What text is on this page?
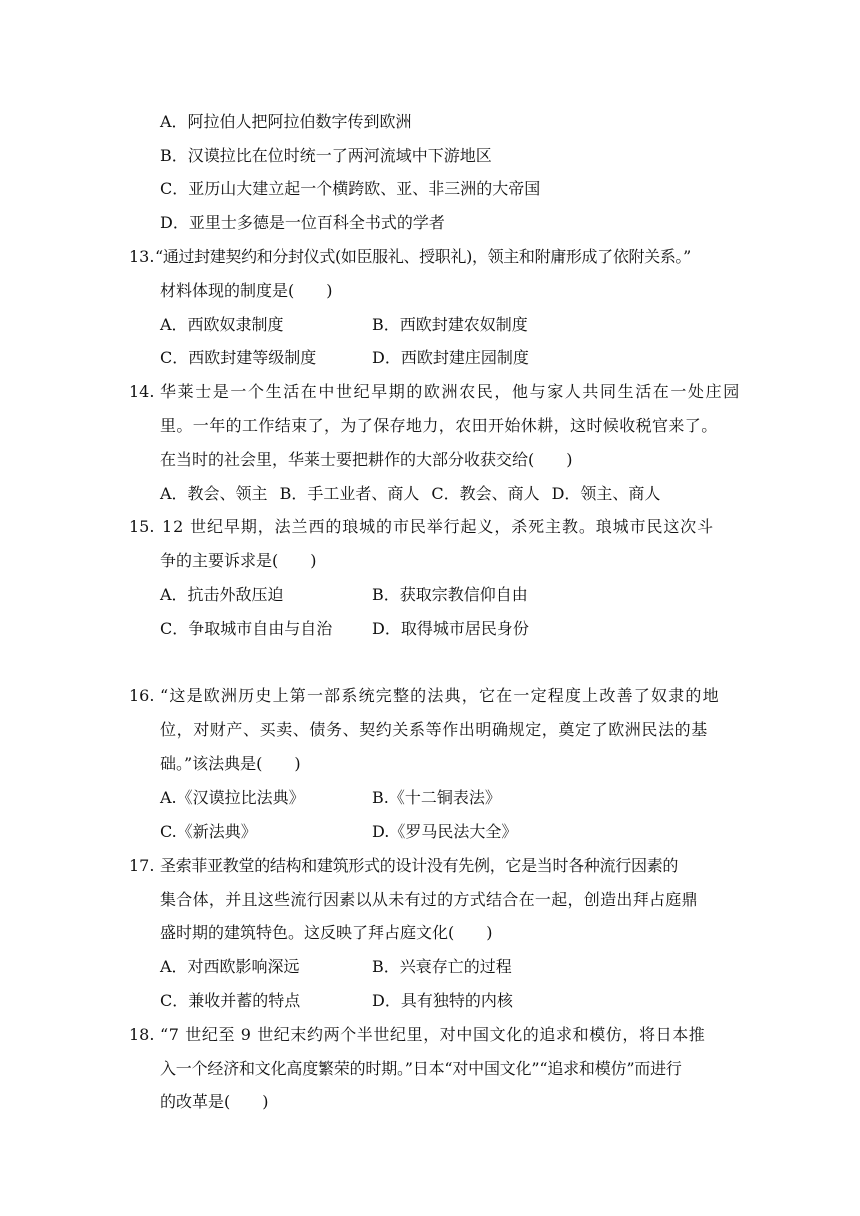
A．阿拉伯人把阿拉伯数字传到欧洲
B．汉谟拉比在位时统一了两河流域中下游地区
C．亚历山大建立起一个横跨欧、亚、非三洲的大帝国
D．亚里士多德是一位百科全书式的学者
13. “通过封建契约和分封仪式(如臣服礼、授职礼)，领主和附庸形成了依附关系。”
材料体现的制度是(　　)
A．西欧奴隶制度	B．西欧封建农奴制度
C．西欧封建等级制度	D．西欧封建庄园制度
14. 华莱士是一个生活在中世纪早期的欧洲农民，他与家人共同生活在一处庄园
里。一年的工作结束了，为了保存地力，农田开始休耕，这时候收税官来了。
在当时的社会里，华莱士要把耕作的大部分收获交给(　　)
A．教会、领主 B．手工业者、商人 C．教会、商人 D．领主、商人
15. 12 世纪早期，法兰西的琅城的市民举行起义，杀死主教。琅城市民这次斗
争的主要诉求是(　　)
A．抗击外敌压迫	B．获取宗教信仰自由
C．争取城市自由与自治 D．取得城市居民身份
16. “这是欧洲历史上第一部系统完整的法典，它在一定程度上改善了奴隶的地
位，对财产、买卖、债务、契约关系等作出明确规定，奠定了欧洲民法的基
础。”该法典是(　　)
A.《汉谟拉比法典》	B.《十二铜表法》
C.《新法典》	D.《罗马民法大全》
17. 圣索菲亚教堂的结构和建筑形式的设计没有先例，它是当时各种流行因素的
集合体，并且这些流行因素以从未有过的方式结合在一起，创造出拜占庭鼎
盛时期的建筑特色。这反映了拜占庭文化(　　)
A．对西欧影响深远	B．兴衰存亡的过程
C．兼收并蓄的特点	D．具有独特的内核
18. “7 世纪至 9 世纪末约两个半世纪里，对中国文化的追求和模仿，将日本推
入一个经济和文化高度繁荣的时期。”日本“对中国文化”“追求和模仿”而进行
的改革是(　　)
